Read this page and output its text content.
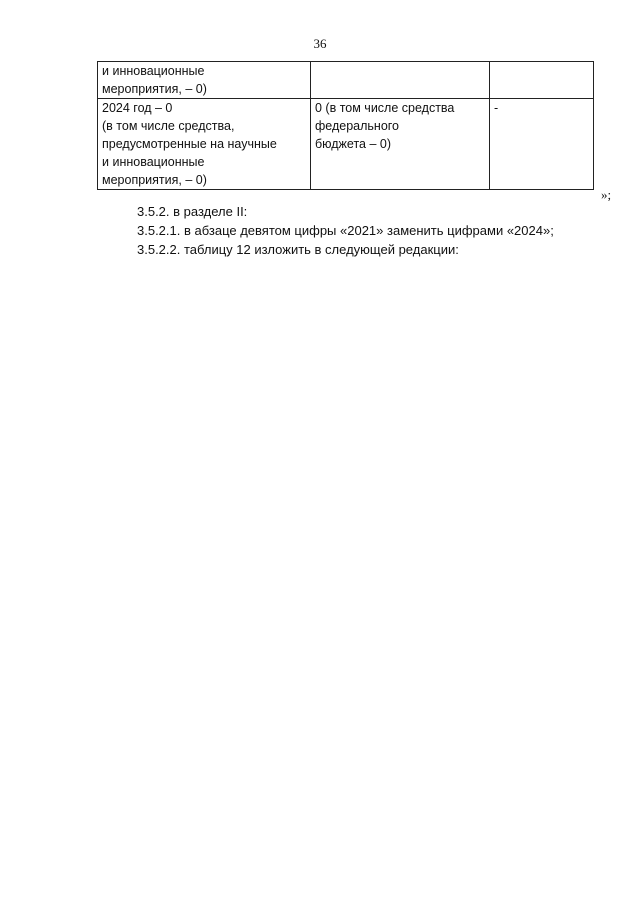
36
и инновационные
мероприятия, – 0)		

2024 год – 0
(в том числе средства,
предусмотренные на научные
и инновационные
мероприятия, – 0)	0 (в том числе средства
федерального
бюджета – 0)	-
»;
3.5.2. в разделе II:
3.5.2.1. в абзаце девятом цифры «2021» заменить цифрами «2024»;
3.5.2.2. таблицу 12 изложить в следующей редакции:
